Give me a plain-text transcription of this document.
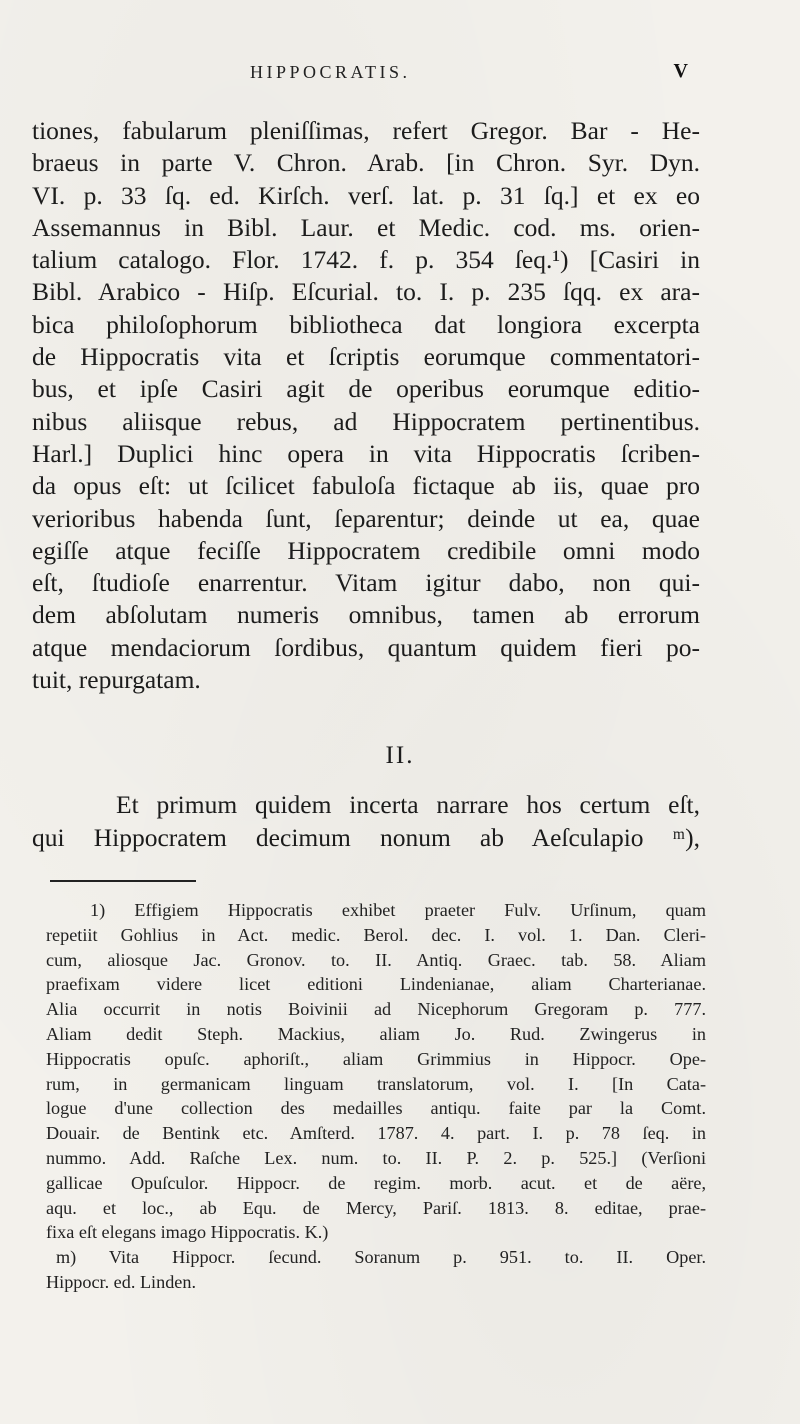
HIPPOCRATIS.	V
tiones, fabularum pleniſſimas, refert Gregor. Bar - He-
braeus in parte V. Chron. Arab. [in Chron. Syr. Dyn.
VI. p. 33 ſq. ed. Kirſch. verſ. lat. p. 31 ſq.] et ex eo
Assemannus in Bibl. Laur. et Medic. cod. ms. orien-
talium catalogo. Flor. 1742. f. p. 354 ſeq.¹) [Casiri in
Bibl. Arabico - Hiſp. Eſcurial. to. I. p. 235 ſqq. ex ara-
bica philoſophorum bibliotheca dat longiora excerpta
de Hippocratis vita et ſcriptis eorumque commentatori-
bus, et ipſe Casiri agit de operibus eorumque editio-
nibus aliisque rebus, ad Hippocratem pertinentibus.
Harl.] Duplici hinc opera in vita Hippocratis ſcriben-
da opus eſt: ut ſcilicet fabuloſa fictaque ab iis, quae pro
verioribus habenda ſunt, ſeparentur; deinde ut ea, quae
egiſſe atque feciſſe Hippocratem credibile omni modo
eſt, ſtudioſe enarrentur. Vitam igitur dabo, non qui-
dem abſolutam numeris omnibus, tamen ab errorum
atque mendaciorum ſordibus, quantum quidem fieri po-
tuit, repurgatam.
II.
Et primum quidem incerta narrare hos certum eſt,
qui Hippocratem decimum nonum ab Aeſculapio ᵐ),
1) Effigiem Hippocratis exhibet praeter Fulv. Urſinum, quam
repetiit Gohlius in Act. medic. Berol. dec. I. vol. 1. Dan. Cleri-
cum, aliosque Jac. Gronov. to. II. Antiq. Graec. tab. 58. Aliam
praefixam videre licet editioni Lindenianae, aliam Charterianae.
Alia occurrit in notis Boivinii ad Nicephorum Gregoram p. 777.
Aliam dedit Steph. Mackius, aliam Jo. Rud. Zwingerus in
Hippocratis opuſc. aphoriſt., aliam Grimmius in Hippocr. Ope-
rum, in germanicam linguam translatorum, vol. I. [In Cata-
logue d'une collection des medailles antiqu. faite par la Comt.
Douair. de Bentink etc. Amſterd. 1787. 4. part. I. p. 78 ſeq. in
nummo. Add. Raſche Lex. num. to. II. P. 2. p. 525.] (Verſioni
gallicae Opuſculor. Hippocr. de regim. morb. acut. et de aëre,
aqu. et loc., ab Equ. de Mercy, Pariſ. 1813. 8. editae, prae-
fixa eſt elegans imago Hippocratis. K.)
m) Vita Hippocr. ſecund. Soranum p. 951. to. II. Oper.
Hippocr. ed. Linden.
